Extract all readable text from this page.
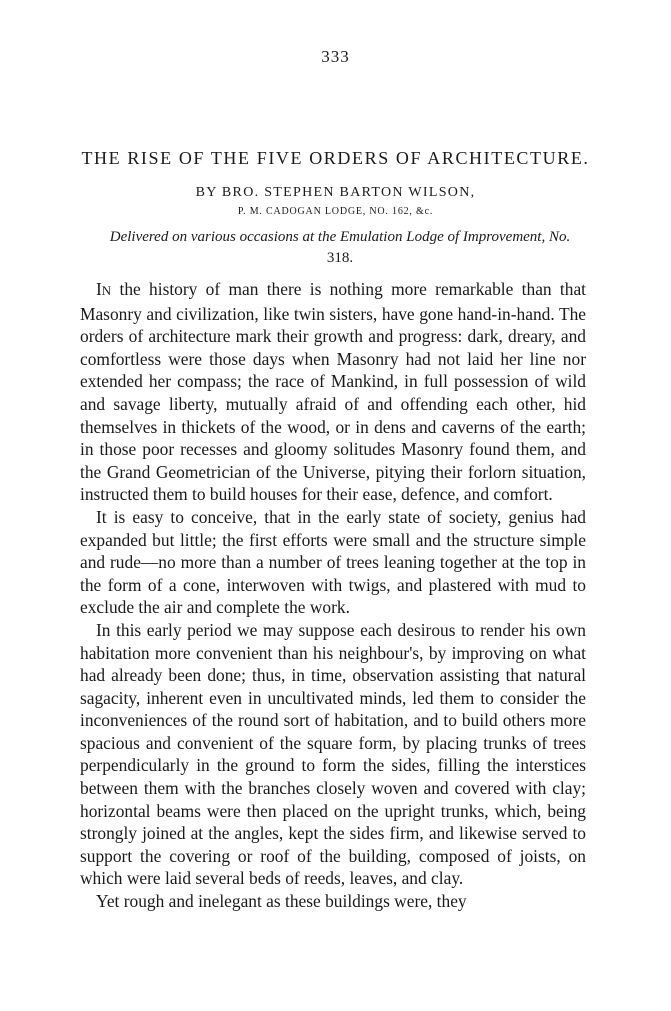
333
THE RISE OF THE FIVE ORDERS OF ARCHITECTURE.
BY BRO. STEPHEN BARTON WILSON,
P. M. CADOGAN LODGE, NO. 162, &c.
Delivered on various occasions at the Emulation Lodge of Improvement, No. 318.

IN the history of man there is nothing more remarkable than that Masonry and civilization, like twin sisters, have gone hand-in-hand. The orders of architecture mark their growth and progress: dark, dreary, and comfortless were those days when Masonry had not laid her line nor extended her compass; the race of Mankind, in full possession of wild and savage liberty, mutually afraid of and offending each other, hid themselves in thickets of the wood, or in dens and caverns of the earth; in those poor recesses and gloomy solitudes Masonry found them, and the Grand Geometrician of the Universe, pitying their forlorn situation, instructed them to build houses for their ease, defence, and comfort.

It is easy to conceive, that in the early state of society, genius had expanded but little; the first efforts were small and the structure simple and rude—no more than a number of trees leaning together at the top in the form of a cone, interwoven with twigs, and plastered with mud to exclude the air and complete the work.

In this early period we may suppose each desirous to render his own habitation more convenient than his neighbour's, by improving on what had already been done; thus, in time, observation assisting that natural sagacity, inherent even in uncultivated minds, led them to consider the inconveniences of the round sort of habitation, and to build others more spacious and convenient of the square form, by placing trunks of trees perpendicularly in the ground to form the sides, filling the interstices between them with the branches closely woven and covered with clay; horizontal beams were then placed on the upright trunks, which, being strongly joined at the angles, kept the sides firm, and likewise served to support the covering or roof of the building, composed of joists, on which were laid several beds of reeds, leaves, and clay.

Yet rough and inelegant as these buildings were, they
